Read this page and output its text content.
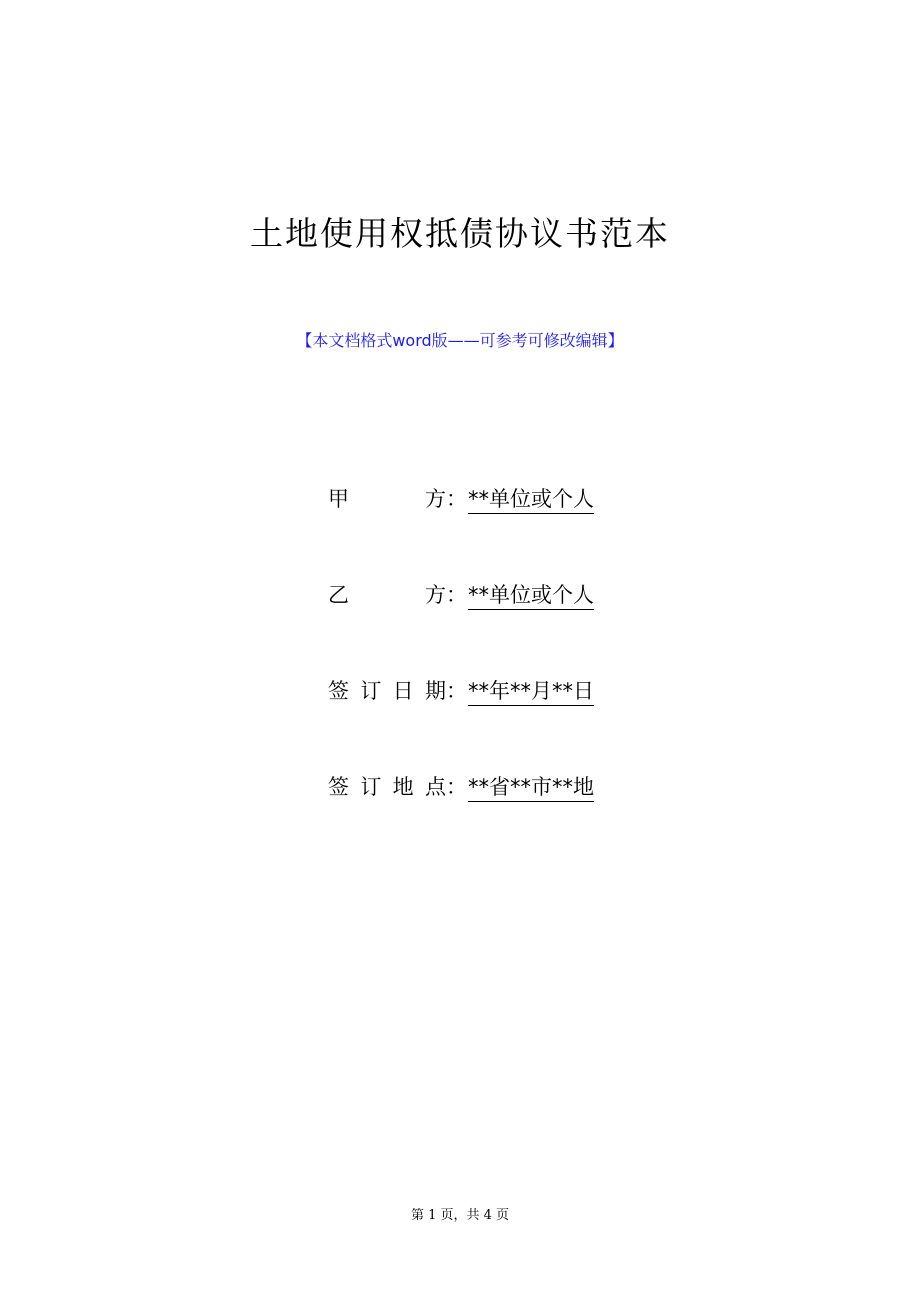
土地使用权抵债协议书范本
【本文档格式word版——可参考可修改编辑】
甲方 ： **单位或个人
乙方 ： **单位或个人
签订日期 ： **年**月**日
签订地点 ： **省**市**地
第 1 页，共 4 页
